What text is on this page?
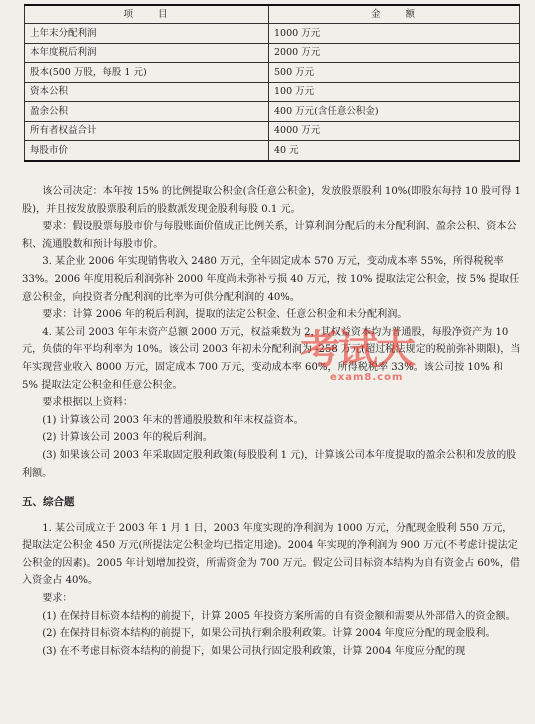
项　　目	金　　额
上年末分配利润	1000 万元
本年度税后利润	2000 万元
股本(500 万股，每股 1 元)	500 万元
资本公积	100 万元
盈余公积	400 万元(含任意公积金)
所有者权益合计	4000 万元
每股市价	40 元

该公司决定：本年按 15% 的比例提取公积金(含任意公积金)，发放股票股利 10%(即股东每持 10 股可得 1 股)，并且按发放股票股利后的股数派发现金股利每股 0.1 元。

要求：假设股票每股市价与每股账面价值成正比例关系，计算利润分配后的未分配利润、盈余公积、资本公积、流通股数和预计每股市价。

3. 某企业 2006 年实现销售收入 2480 万元，全年固定成本 570 万元，变动成本率 55%，所得税税率 33%。2006 年度用税后利润弥补 2000 年度尚未弥补亏损 40 万元，按 10% 提取法定公积金，按 5% 提取任意公积金，向投资者分配利润的比率为可供分配利润的 40%。

要求：计算 2006 年的税后利润，提取的法定公积金、任意公积金和未分配利润。

4. 某公司 2003 年年末资产总额 2000 万元，权益乘数为 2，其权益资本均为普通股，每股净资产为 10 元，负债的年平均利率为 10%。该公司 2003 年初未分配利润为 -258 万元(超过税法规定的税前弥补期限)，当年实现营业收入 8000 万元，固定成本 700 万元，变动成本率 60%，所得税税率 33%。该公司按 10% 和 5% 提取法定公积金和任意公积金。

要求根据以上资料：

(1) 计算该公司 2003 年末的普通股股数和年末权益资本。

(2) 计算该公司 2003 年的税后利润。

(3) 如果该公司 2003 年采取固定股利政策(每股股利 1 元)，计算该公司本年度提取的盈余公积和发放的股利额。

五、综合题

1. 某公司成立于 2003 年 1 月 1 日，2003 年度实现的净利润为 1000 万元，分配现金股利 550 万元，提取法定公积金 450 万元(所提法定公积金均已指定用途)。2004 年实现的净利润为 900 万元(不考虑计提法定公积金的因素)。2005 年计划增加投资，所需资金为 700 万元。假定公司目标资本结构为自有资金占 60%，借入资金占 40%。

要求：

(1) 在保持目标资本结构的前提下，计算 2005 年投资方案所需的自有资金额和需要从外部借入的资金额。

(2) 在保持目标资本结构的前提下，如果公司执行剩余股利政策。计算 2004 年度应分配的现金股利。

(3) 在不考虑目标资本结构的前提下，如果公司执行固定股利政策，计算 2004 年度应分配的现

考试大
exam8.com
